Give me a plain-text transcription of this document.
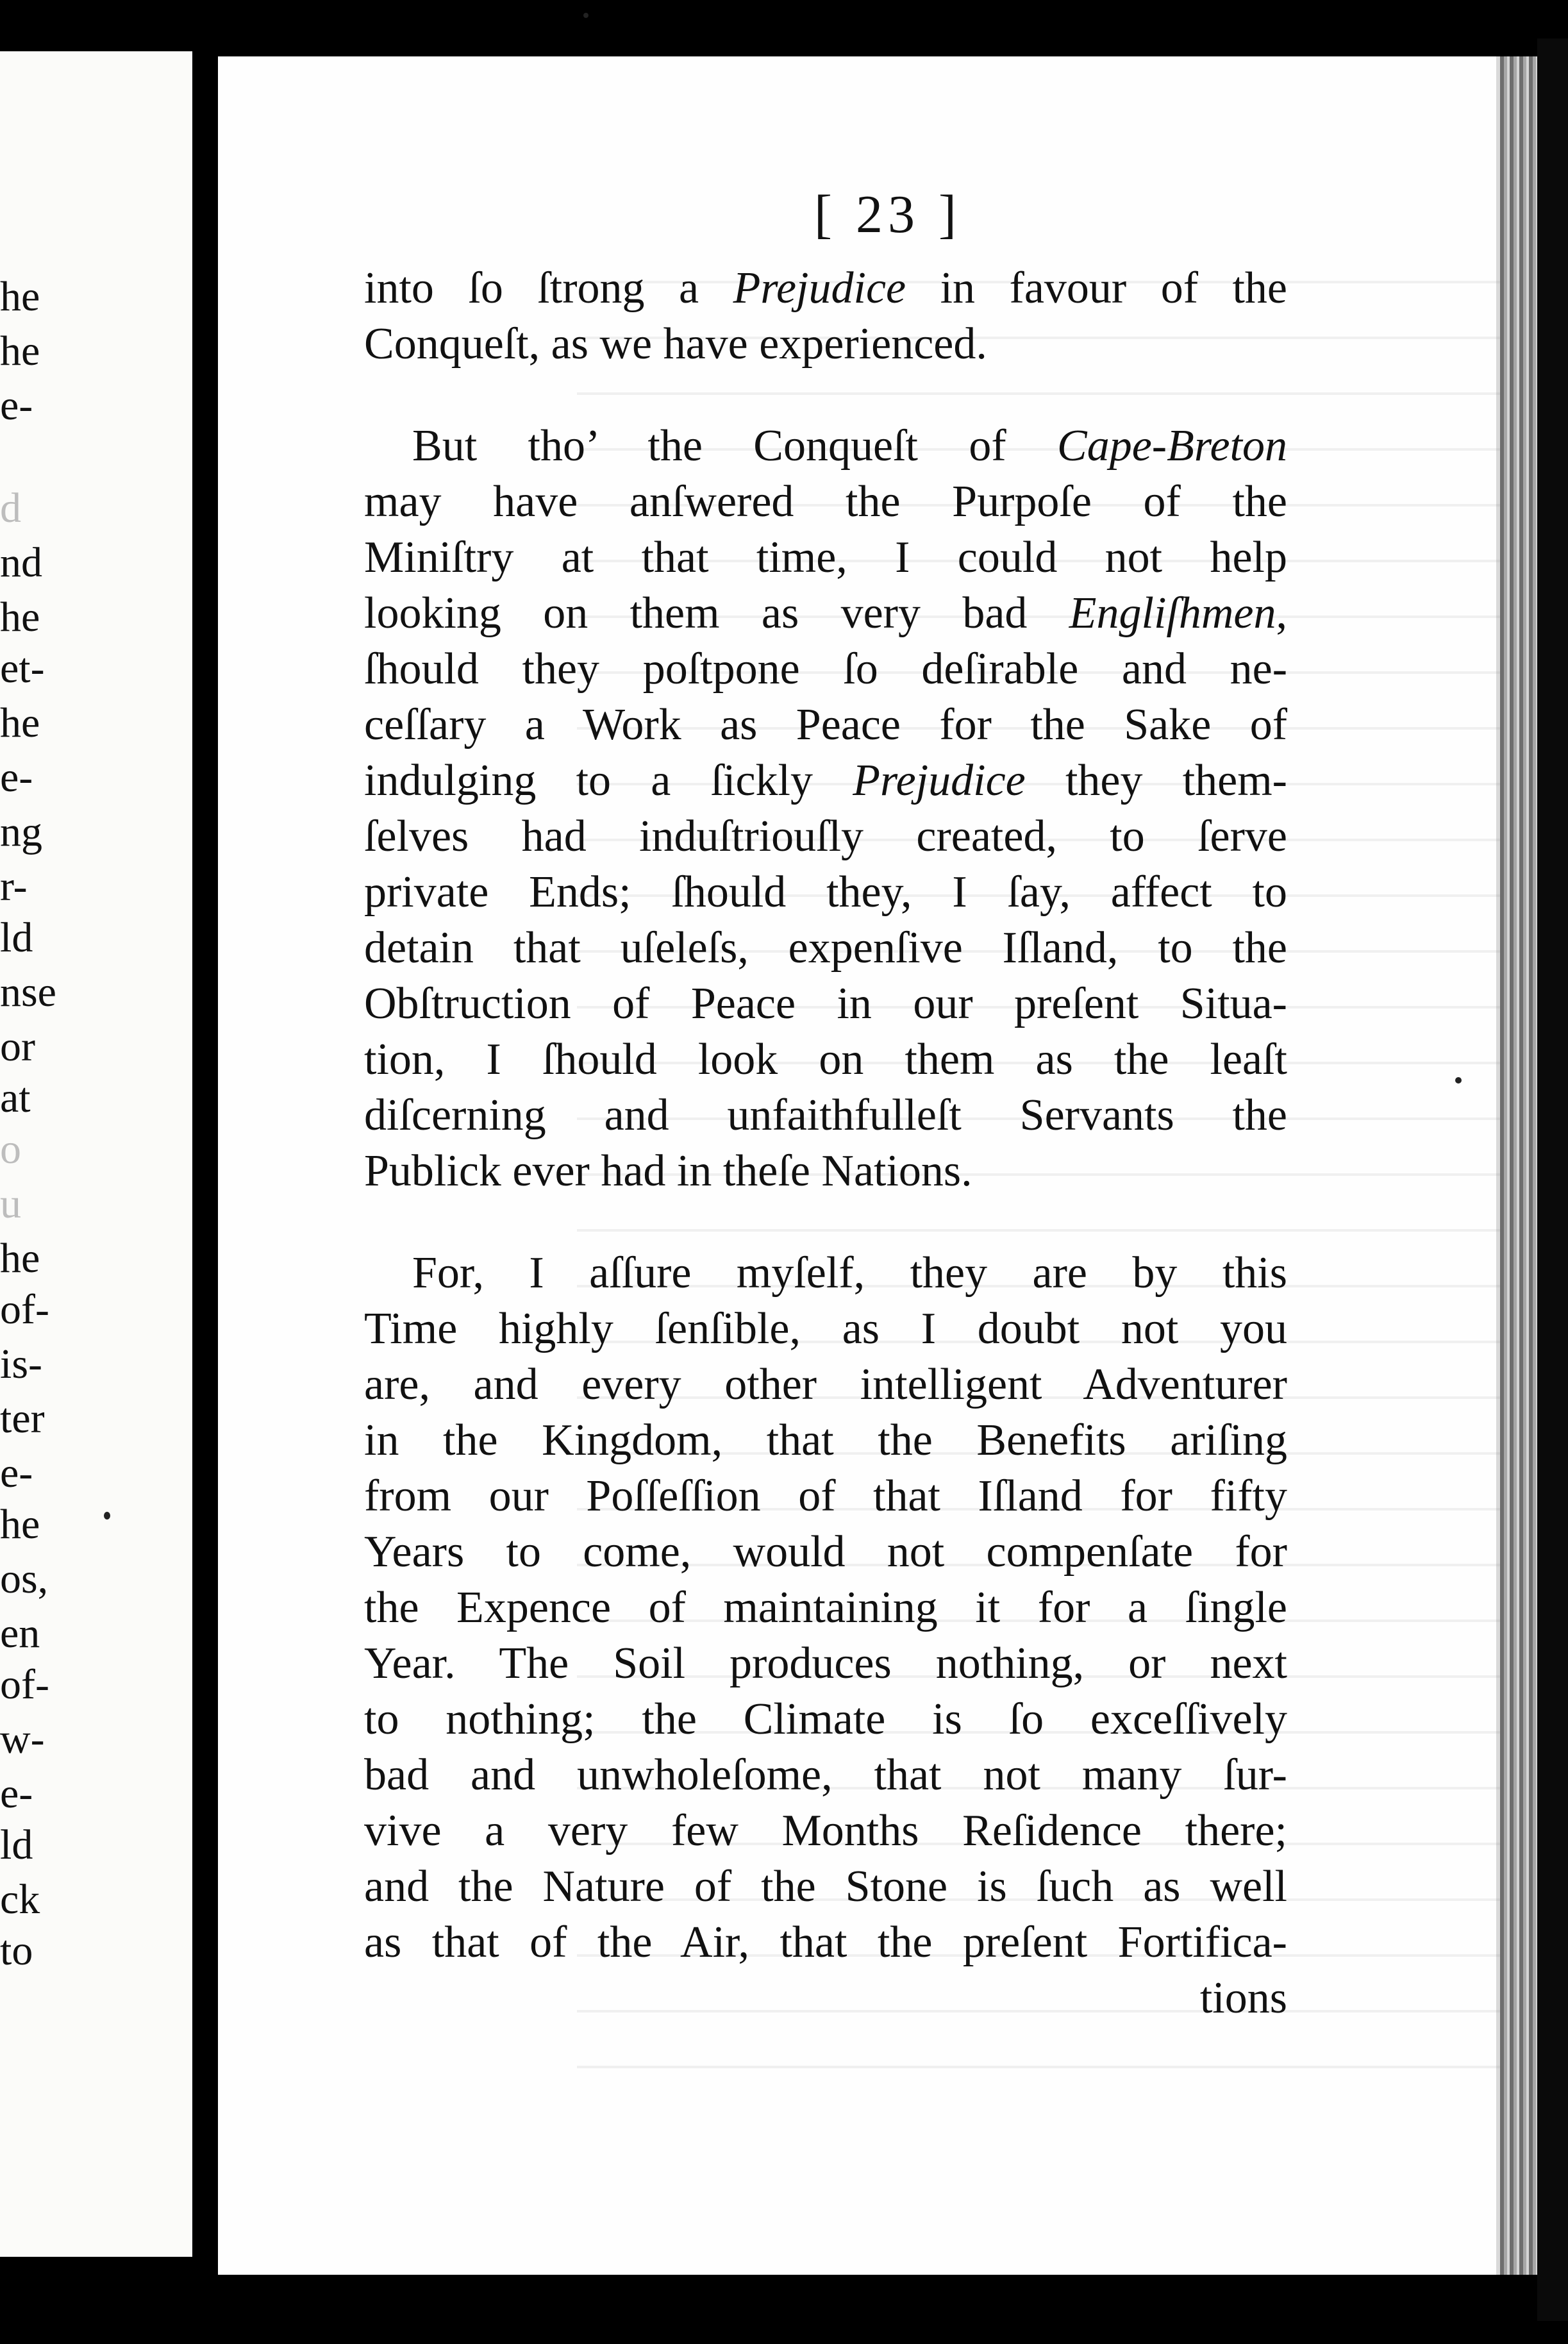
he
he
e-
d
nd
he
et-
he
e-
ng
r-
ld
nse
or
at
o
u
he
of-
is-
ter
e-
he
os,
en
of-
w-
e-
ld
ck
to
[ 23 ]

into ſo ſtrong a Prejudice in favour of the
Conqueſt, as we have experienced.

But tho’ the Conqueſt of Cape-Breton
may have anſwered the Purpoſe of the
Miniſtry at that time, I could not help
looking on them as very bad Engliſhmen,
ſhould they poſtpone ſo deſirable and ne-
ceſſary a Work as Peace for the Sake of
indulging to a ſickly Prejudice they them-
ſelves had induſtriouſly created, to ſerve
private Ends; ſhould they, I ſay, affect to
detain that uſeleſs, expenſive Iſland, to the
Obſtruction of Peace in our preſent Situa-
tion, I ſhould look on them as the leaſt
diſcerning and unfaithfulleſt Servants the
Publick ever had in theſe Nations.

For, I aſſure myſelf, they are by this
Time highly ſenſible, as I doubt not you
are, and every other intelligent Adventurer
in the Kingdom, that the Benefits ariſing
from our Poſſeſſion of that Iſland for fifty
Years to come, would not compenſate for
the Expence of maintaining it for a ſingle
Year. The Soil produces nothing, or next
to nothing; the Climate is ſo exceſſively
bad and unwholeſome, that not many ſur-
vive a very few Months Reſidence there;
and the Nature of the Stone is ſuch as well
as that of the Air, that the preſent Fortifica-

tions
